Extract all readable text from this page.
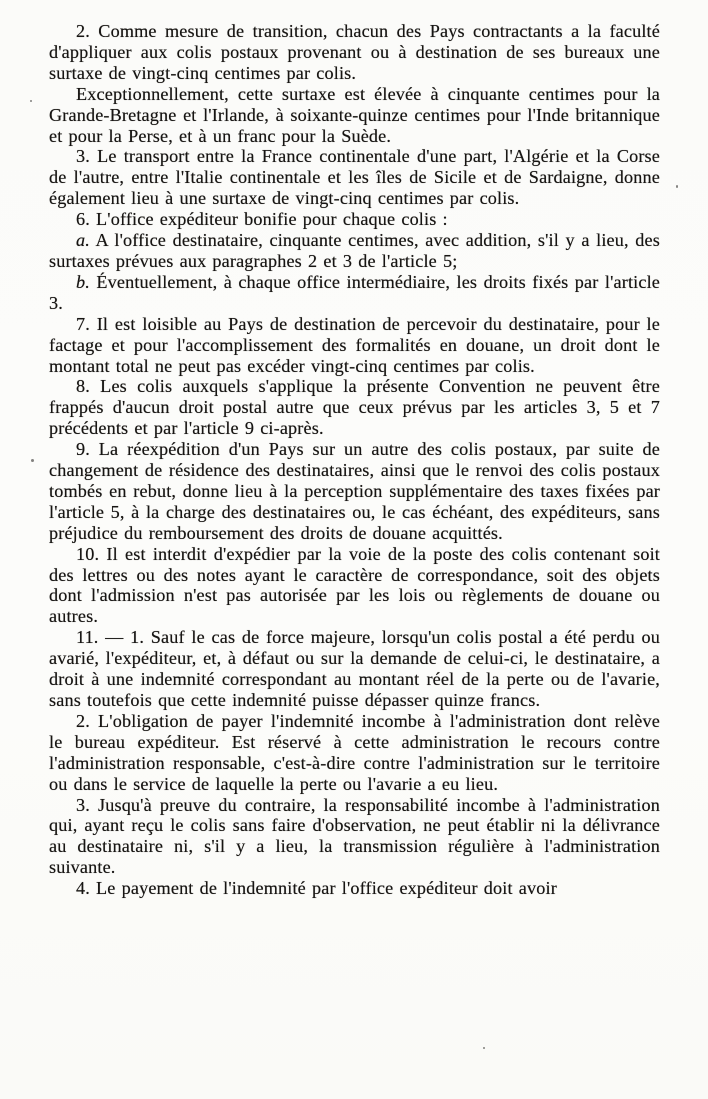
2. Comme mesure de transition, chacun des Pays contractants a la faculté d'appliquer aux colis postaux provenant ou à destination de ses bureaux une surtaxe de vingt-cinq centimes par colis.

Exceptionnellement, cette surtaxe est élevée à cinquante centimes pour la Grande-Bretagne et l'Irlande, à soixante-quinze centimes pour l'Inde britannique et pour la Perse, et à un franc pour la Suède.

3. Le transport entre la France continentale d'une part, l'Algérie et la Corse de l'autre, entre l'Italie continentale et les îles de Sicile et de Sardaigne, donne également lieu à une surtaxe de vingt-cinq centimes par colis.

6. L'office expéditeur bonifie pour chaque colis :

a. A l'office destinataire, cinquante centimes, avec addition, s'il y a lieu, des surtaxes prévues aux paragraphes 2 et 3 de l'article 5;

b. Éventuellement, à chaque office intermédiaire, les droits fixés par l'article 3.

7. Il est loisible au Pays de destination de percevoir du destinataire, pour le factage et pour l'accomplissement des formalités en douane, un droit dont le montant total ne peut pas excéder vingt-cinq centimes par colis.

8. Les colis auxquels s'applique la présente Convention ne peuvent être frappés d'aucun droit postal autre que ceux prévus par les articles 3, 5 et 7 précédents et par l'article 9 ci-après.

9. La réexpédition d'un Pays sur un autre des colis postaux, par suite de changement de résidence des destinataires, ainsi que le renvoi des colis postaux tombés en rebut, donne lieu à la perception supplémentaire des taxes fixées par l'article 5, à la charge des destinataires ou, le cas échéant, des expéditeurs, sans préjudice du remboursement des droits de douane acquittés.

10. Il est interdit d'expédier par la voie de la poste des colis contenant soit des lettres ou des notes ayant le caractère de correspondance, soit des objets dont l'admission n'est pas autorisée par les lois ou règlements de douane ou autres.

11. — 1. Sauf le cas de force majeure, lorsqu'un colis postal a été perdu ou avarié, l'expéditeur, et, à défaut ou sur la demande de celui-ci, le destinataire, a droit à une indemnité correspondant au montant réel de la perte ou de l'avarie, sans toutefois que cette indemnité puisse dépasser quinze francs.

2. L'obligation de payer l'indemnité incombe à l'administration dont relève le bureau expéditeur. Est réservé à cette administration le recours contre l'administration responsable, c'est-à-dire contre l'administration sur le territoire ou dans le service de laquelle la perte ou l'avarie a eu lieu.

3. Jusqu'à preuve du contraire, la responsabilité incombe à l'administration qui, ayant reçu le colis sans faire d'observation, ne peut établir ni la délivrance au destinataire ni, s'il y a lieu, la transmission régulière à l'administration suivante.

4. Le payement de l'indemnité par l'office expéditeur doit avoir
